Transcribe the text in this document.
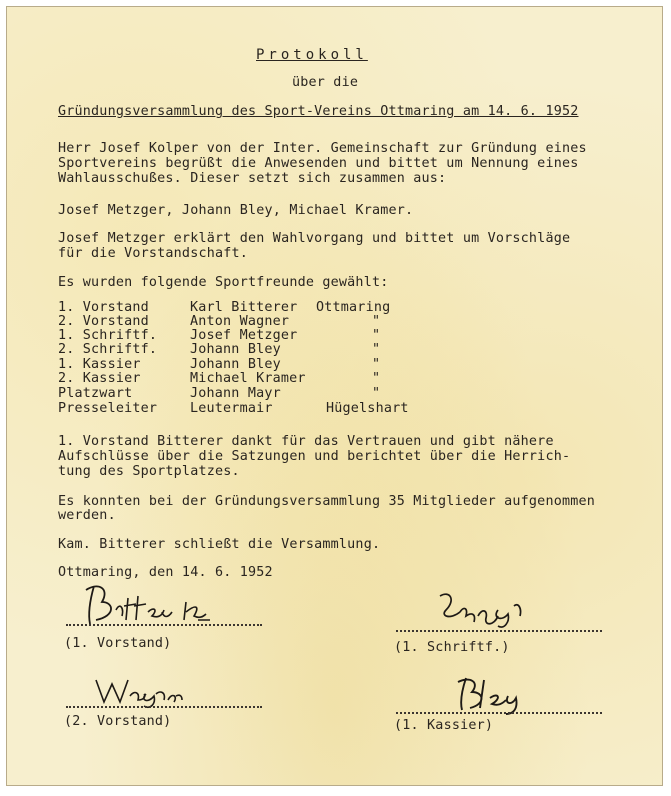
Protokoll
über die
Gründungsversammlung des Sport-Vereins Ottmaring am 14. 6. 1952
Herr Josef Kolper von der Inter. Gemeinschaft zur Gründung eines
Sportvereins begrüßt die Anwesenden und bittet um Nennung eines
Wahlausschußes. Dieser setzt sich zusammen aus:
Josef Metzger, Johann Bley, Michael Kramer.
Josef Metzger erklärt den Wahlvorgang und bittet um Vorschläge
für die Vorstandschaft.
Es wurden folgende Sportfreunde gewählt:
1. Vorstand	Karl Bitterer Ottmaring
2. Vorstand	Anton Wagner	"
1. Schriftf. Josef Metzger	"
2. Schriftf. Johann Bley	"
1. Kassier	Johann Bley	"
2. Kassier	Michael Kramer	"
Platzwart	Johann Mayr	"
Presseleiter Leutermair	Hügelshart
1. Vorstand Bitterer dankt für das Vertrauen und gibt nähere
Aufschlüsse über die Satzungen und berichtet über die Herrich-
tung des Sportplatzes.
Es konnten bei der Gründungsversammlung 35 Mitglieder aufgenommen
werden.
Kam. Bitterer schließt die Versammlung.
Ottmaring, den 14. 6. 1952
(1. Vorstand)	(1. Schriftf.)
(2. Vorstand)	(1. Kassier)
